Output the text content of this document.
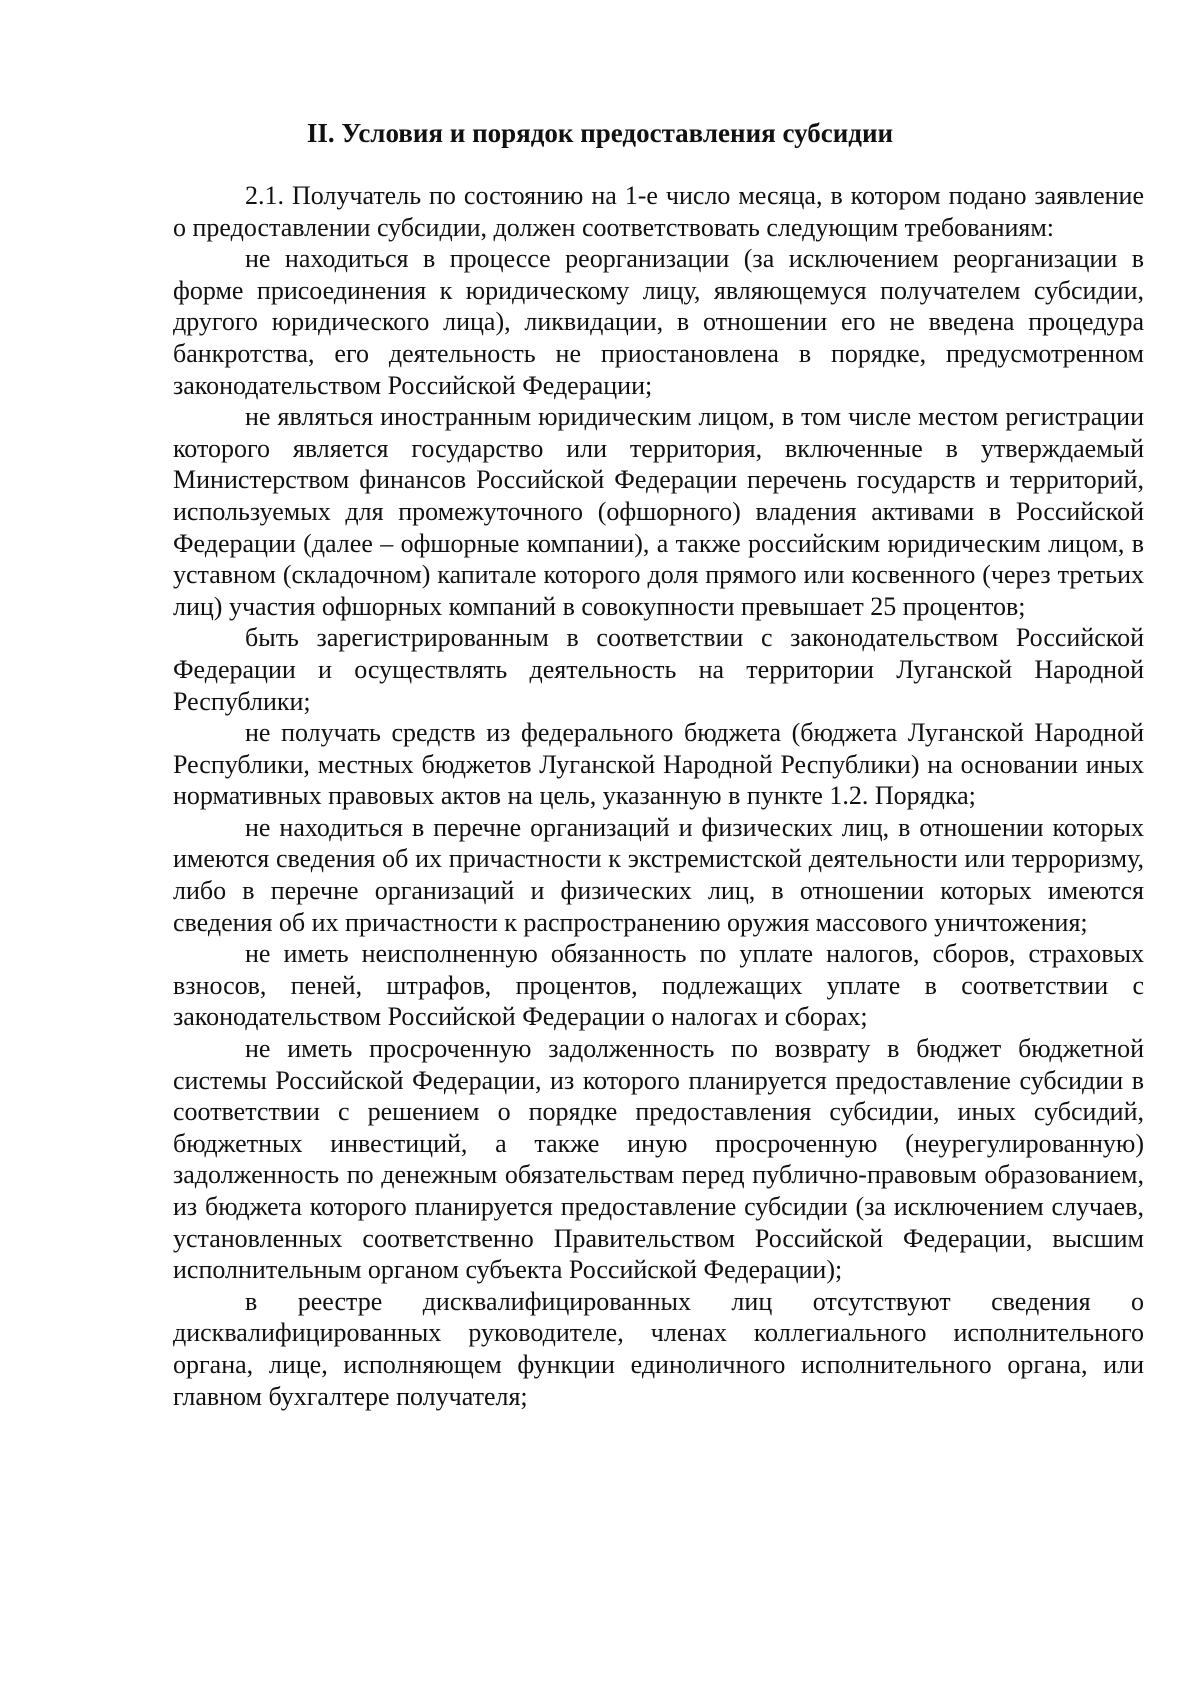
II. Условия и порядок предоставления субсидии

2.1. Получатель по состоянию на 1-е число месяца, в котором подано заявление о предоставлении субсидии, должен соответствовать следующим требованиям:

не находиться в процессе реорганизации (за исключением реорганизации в форме присоединения к юридическому лицу, являющемуся получателем субсидии, другого юридического лица), ликвидации, в отношении его не введена процедура банкротства, его деятельность не приостановлена в порядке, предусмотренном законодательством Российской Федерации;

не являться иностранным юридическим лицом, в том числе местом регистрации которого является государство или территория, включенные в утверждаемый Министерством финансов Российской Федерации перечень государств и территорий, используемых для промежуточного (офшорного) владения активами в Российской Федерации (далее – офшорные компании), а также российским юридическим лицом, в уставном (складочном) капитале которого доля прямого или косвенного (через третьих лиц) участия офшорных компаний в совокупности превышает 25 процентов;

быть зарегистрированным в соответствии с законодательством Российской Федерации и осуществлять деятельность на территории Луганской Народной Республики;

не получать средств из федерального бюджета (бюджета Луганской Народной Республики, местных бюджетов Луганской Народной Республики) на основании иных нормативных правовых актов на цель, указанную в пункте 1.2. Порядка;

не находиться в перечне организаций и физических лиц, в отношении которых имеются сведения об их причастности к экстремистской деятельности или терроризму, либо в перечне организаций и физических лиц, в отношении которых имеются сведения об их причастности к распространению оружия массового уничтожения;

не иметь неисполненную обязанность по уплате налогов, сборов, страховых взносов, пеней, штрафов, процентов, подлежащих уплате в соответствии с законодательством Российской Федерации о налогах и сборах;

не иметь просроченную задолженность по возврату в бюджет бюджетной системы Российской Федерации, из которого планируется предоставление субсидии в соответствии с решением о порядке предоставления субсидии, иных субсидий, бюджетных инвестиций, а также иную просроченную (неурегулированную) задолженность по денежным обязательствам перед публично-правовым образованием, из бюджета которого планируется предоставление субсидии (за исключением случаев, установленных соответственно Правительством Российской Федерации, высшим исполнительным органом субъекта Российской Федерации);

в реестре дисквалифицированных лиц отсутствуют сведения о дисквалифицированных руководителе, членах коллегиального исполнительного органа, лице, исполняющем функции единоличного исполнительного органа, или главном бухгалтере получателя;
